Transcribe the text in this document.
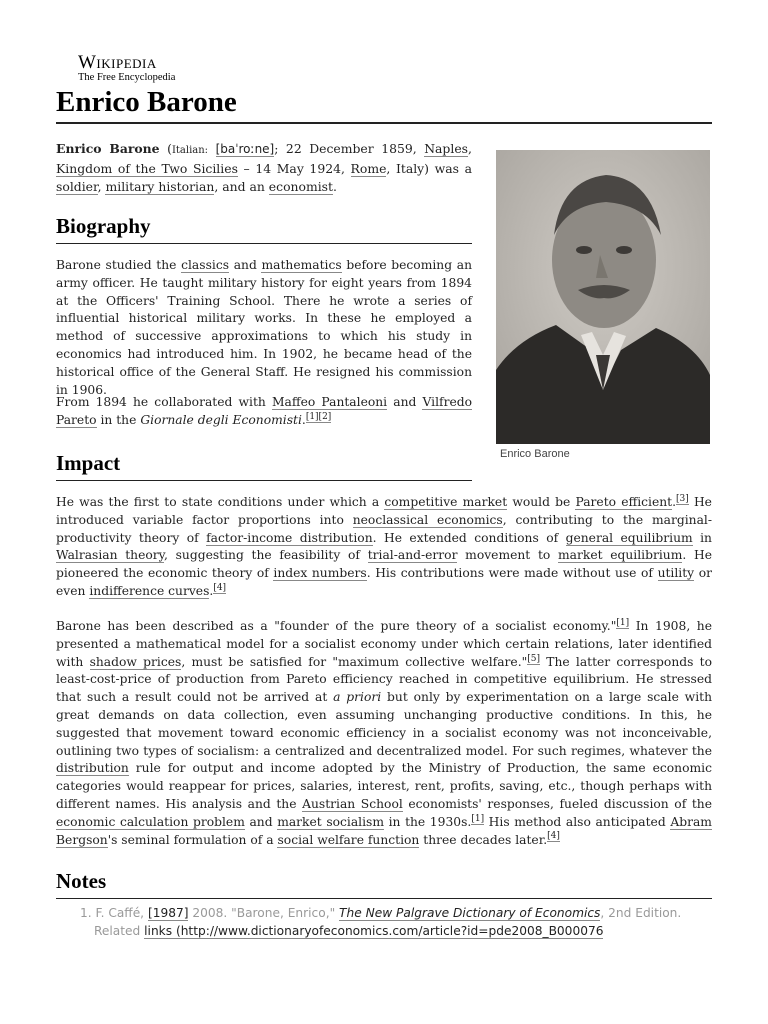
Wikipedia
The Free Encyclopedia
Enrico Barone
Enrico Barone (Italian: [baˈroːne]; 22 December 1859, Naples, Kingdom of the Two Sicilies – 14 May 1924, Rome, Italy) was a soldier, military historian, and an economist.
Enrico Barone
Biography

Barone studied the classics and mathematics before becoming an army officer. He taught military history for eight years from 1894 at the Officers' Training School. There he wrote a series of influential historical military works. In these he employed a method of successive approximations to which his study in economics had introduced him. In 1902, he became head of the historical office of the General Staff. He resigned his commission in 1906.

From 1894 he collaborated with Maffeo Pantaleoni and Vilfredo Pareto in the Giornale degli Economisti.[1][2]

Impact

He was the first to state conditions under which a competitive market would be Pareto efficient.[3] He introduced variable factor proportions into neoclassical economics, contributing to the marginal-productivity theory of factor-income distribution. He extended conditions of general equilibrium in Walrasian theory, suggesting the feasibility of trial-and-error movement to market equilibrium. He pioneered the economic theory of index numbers. His contributions were made without use of utility or even indifference curves.[4]

Barone has been described as a "founder of the pure theory of a socialist economy."[1] In 1908, he presented a mathematical model for a socialist economy under which certain relations, later identified with shadow prices, must be satisfied for "maximum collective welfare."[5] The latter corresponds to least-cost-price of production from Pareto efficiency reached in competitive equilibrium. He stressed that such a result could not be arrived at a priori but only by experimentation on a large scale with great demands on data collection, even assuming unchanging productive conditions. In this, he suggested that movement toward economic efficiency in a socialist economy was not inconceivable, outlining two types of socialism: a centralized and decentralized model. For such regimes, whatever the distribution rule for output and income adopted by the Ministry of Production, the same economic categories would reappear for prices, salaries, interest, rent, profits, saving, etc., though perhaps with different names. His analysis and the Austrian School economists' responses, fueled discussion of the economic calculation problem and market socialism in the 1930s.[1] His method also anticipated Abram Bergson's seminal formulation of a social welfare function three decades later.[4]

Notes
1. F. Caffé, [1987] 2008. "Barone, Enrico," The New Palgrave Dictionary of Economics, 2nd Edition. Related links (http://www.dictionaryofeconomics.com/article?id=pde2008_B000076
